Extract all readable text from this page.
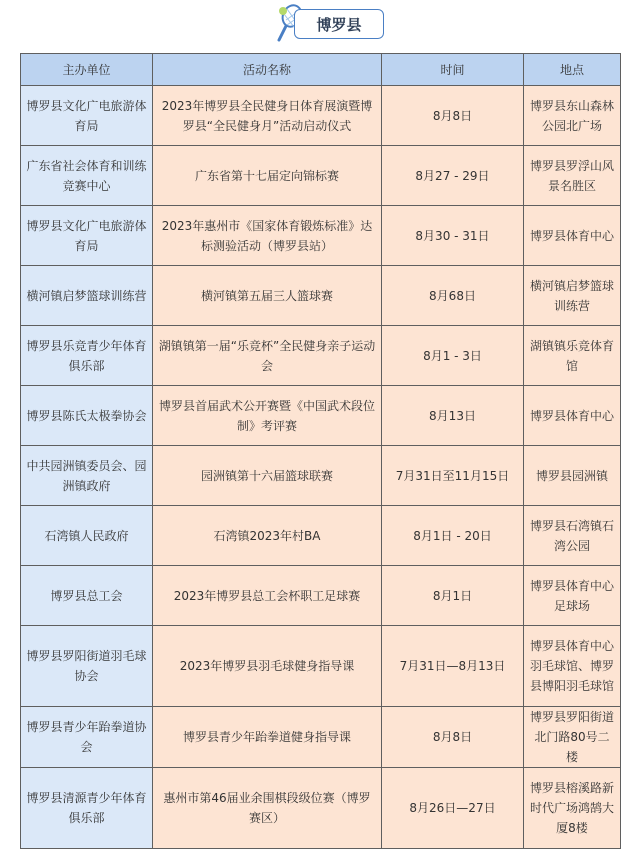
博罗县
主办单位	活动名称	时间	地点
博罗县文化广电旅游体育局	2023年博罗县全民健身日体育展演暨博罗县“全民健身月”活动启动仪式	8月8日	博罗县东山森林公园北广场
广东省社会体育和训练竞赛中心	广东省第十七届定向锦标赛	8月27 - 29日	博罗县罗浮山风景名胜区
博罗县文化广电旅游体育局	2023年惠州市《国家体育锻炼标准》达标测验活动（博罗县站）	8月30 - 31日	博罗县体育中心
横河镇启梦篮球训练营	横河镇第五届三人篮球赛	8月68日	横河镇启梦篮球训练营
博罗县乐竞青少年体育俱乐部	湖镇镇第一届“乐竞杯”全民健身亲子运动会	8月1 - 3日	湖镇镇乐竞体育馆
博罗县陈氏太极拳协会	博罗县首届武术公开赛暨《中国武术段位制》考评赛	8月13日	博罗县体育中心
中共园洲镇委员会、园洲镇政府	园洲镇第十六届篮球联赛	7月31日至11月15日	博罗县园洲镇
石湾镇人民政府	石湾镇2023年村BA	8月1日 - 20日	博罗县石湾镇石湾公园
博罗县总工会	2023年博罗县总工会杯职工足球赛	8月1日	博罗县体育中心足球场
博罗县罗阳街道羽毛球协会	2023年博罗县羽毛球健身指导课	7月31日—8月13日	博罗县体育中心羽毛球馆、博罗县博阳羽毛球馆
博罗县青少年跆拳道协会	博罗县青少年跆拳道健身指导课	8月8日	博罗县罗阳街道北门路80号二楼
博罗县清源青少年体育俱乐部	惠州市第46届业余围棋段级位赛（博罗赛区）	8月26日—27日	博罗县榕溪路新时代广场鸿鹄大厦8楼
